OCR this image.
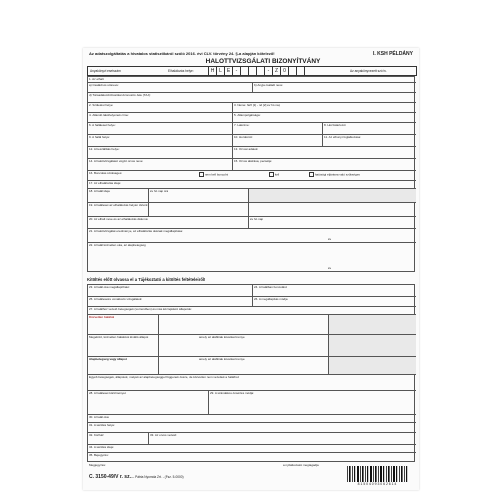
Az adatszolgáltatás a hivatalos statisztikáról szóló 2016. évi CLV. törvény 24. §-a alapján kötelező!	I. KSH PÉLDÁNY
HALOTTVIZSGÁLATI BIZONYÍTVÁNY
Anyakönyvi esetszám	Elhalálozás helye:	H L E	-	-	Z	0	Az anyakönyvezett szó tv.
1. Az elhalt
a) Családi és utóneve:	b) Anyja családi neve:
d) Társadalombiztosítási Azonosító Jele (TAJ):
2. Születési helye:	3. Neme: férfi [1] - nő [2] év hó nap
4. Állandó lakóhelyének címe:	5. Állampolgársága:
6. A haláleset helye:	7. Lakcíme:	8. Hozzátartozói
9. A halál helye:	10. Hordozott:	11. Az elhunyt foglalkozása:
12. A beszállítás helye:	13. Orvosi adatok:
14. A halottvizsgálatot végző orvos neve:	15. Orvos aláírása, pecsétje:
16. Boncolás szükséges:	nem kell boncolni	kell	hatósági eljárásra való szükséges
17. Az elhalálozás ideje:
18. A halál ideje	év hó nap óra
19. A haláleset az elhalálozás helyén történt:
20. Az elhalt neve és az elhalálozás dátuma:	év hó nap
21. A halottvizsgálat eredménye, az elhalálozás okának megállapítása:
év
22. A halál közvetlen oka, az alapbetegség
év
Kitöltés előtt olvassa el a Tájékoztató a kitöltés feltételeiről!
23. A halál oka megállapítható:	24. A halálban boncolást:
25. A halálesetre vonatkozó vizsgálatok:	26. A megállapítás módja
27. A halálhoz vezető betegségek (sorrendben) és más közrejátszó állapotok:
Közvetlen halálok
Megelőző, közvetlen halálokot kiváltó állapot	amely az alábbiak következménye
Alapbetegség vagy állapot	amely az alábbiak következménye
Egyéb betegségek, állapotok, melyek az alapbetegséggel függenek össze, de közvetlen nem vezettek a halálhoz
28. A haláleset körülményei:	29. A szándékos önsértés módja:
30. A halál oka:
31. A sérülés helye:
32. Kórház:	33. Az orvos vezető:
34. A sérülés ideje:
35. Bejegyzés:
Megjegyzés:	a nyilatkozatot megtagadja
C. 3150-49/V r. sz. — Pátria Nyomda Zrt. - (Fsz. 5-0000)
8 1 5 0 4 0 9 3 0 6 2 6 1 4
